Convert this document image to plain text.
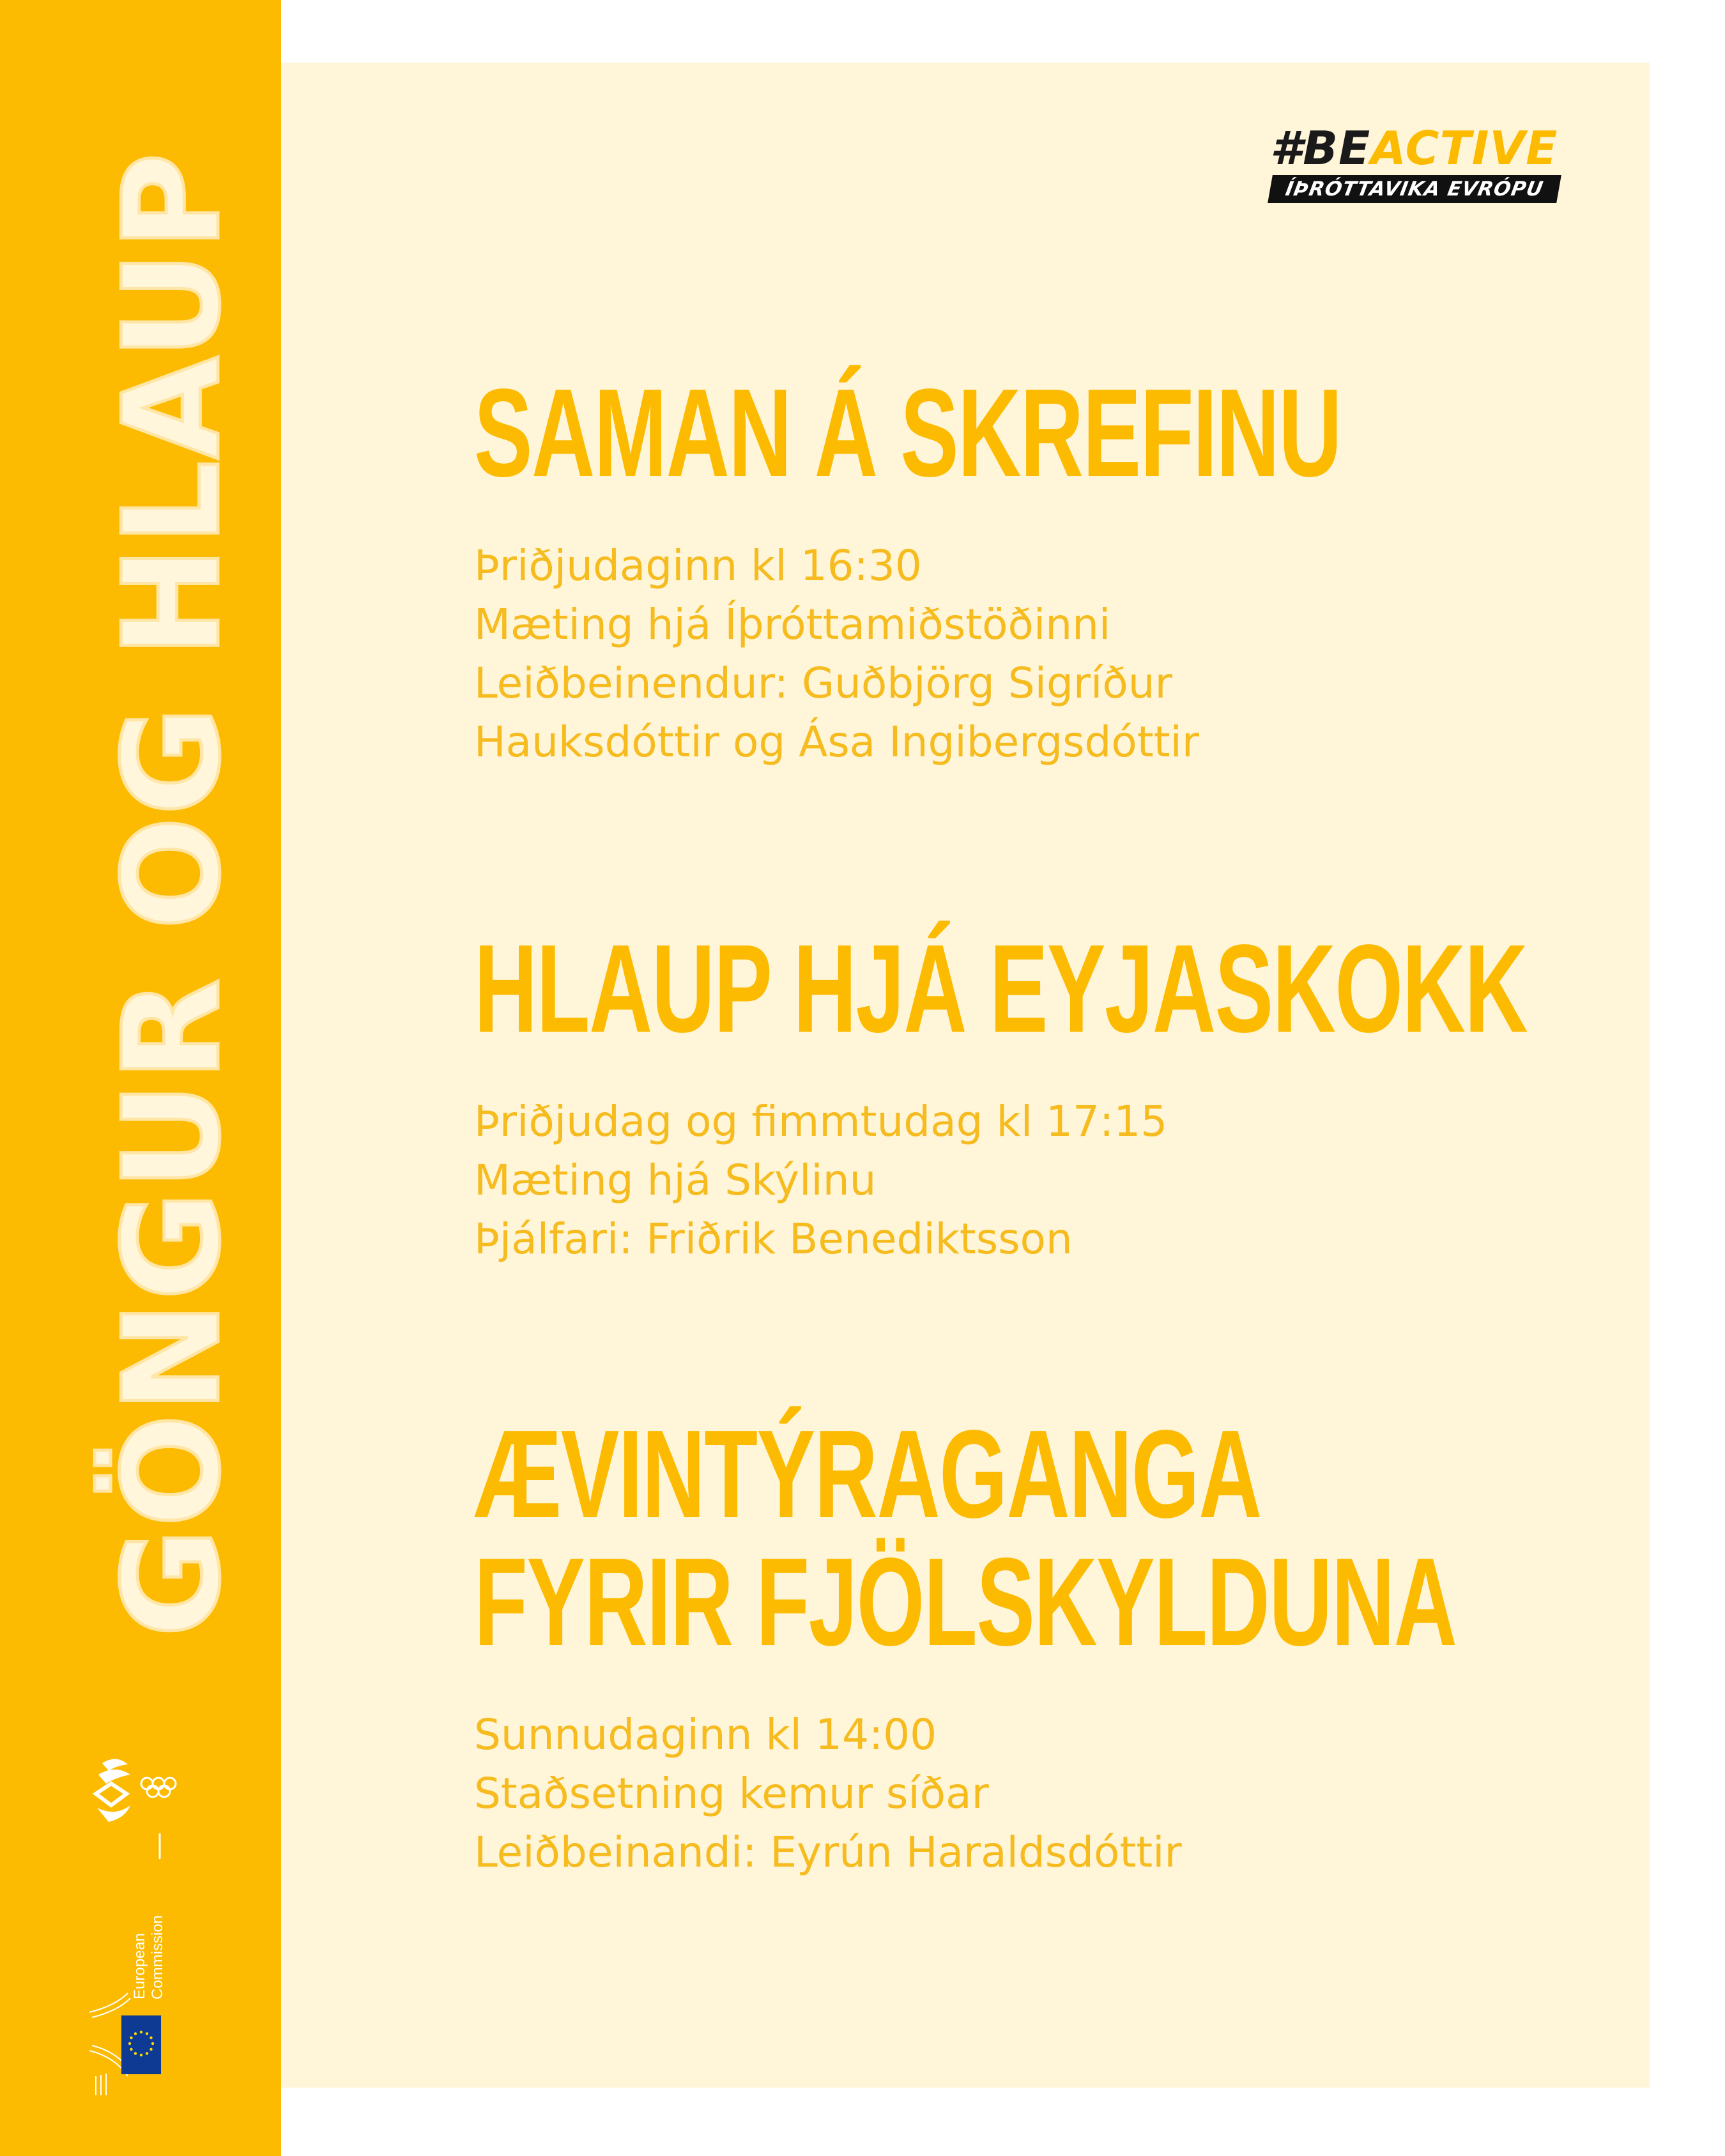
GÖNGUR OG HLAUP
European Commission
#BEACTIVE
ÍÞRÓTTAVIKA EVRÓPU
SAMAN Á SKREFINU
Þriðjudaginn kl 16:30
Mæting hjá Íþróttamiðstöðinni
Leiðbeinendur: Guðbjörg Sigríður
Hauksdóttir og Ása Ingibergsdóttir
HLAUP HJÁ EYJASKOKK
Þriðjudag og fimmtudag kl 17:15
Mæting hjá Skýlinu
Þjálfari: Friðrik Benediktsson
ÆVINTÝRAGANGA
FYRIR FJÖLSKYLDUNA
Sunnudaginn kl 14:00
Staðsetning kemur síðar
Leiðbeinandi: Eyrún Haraldsdóttir
